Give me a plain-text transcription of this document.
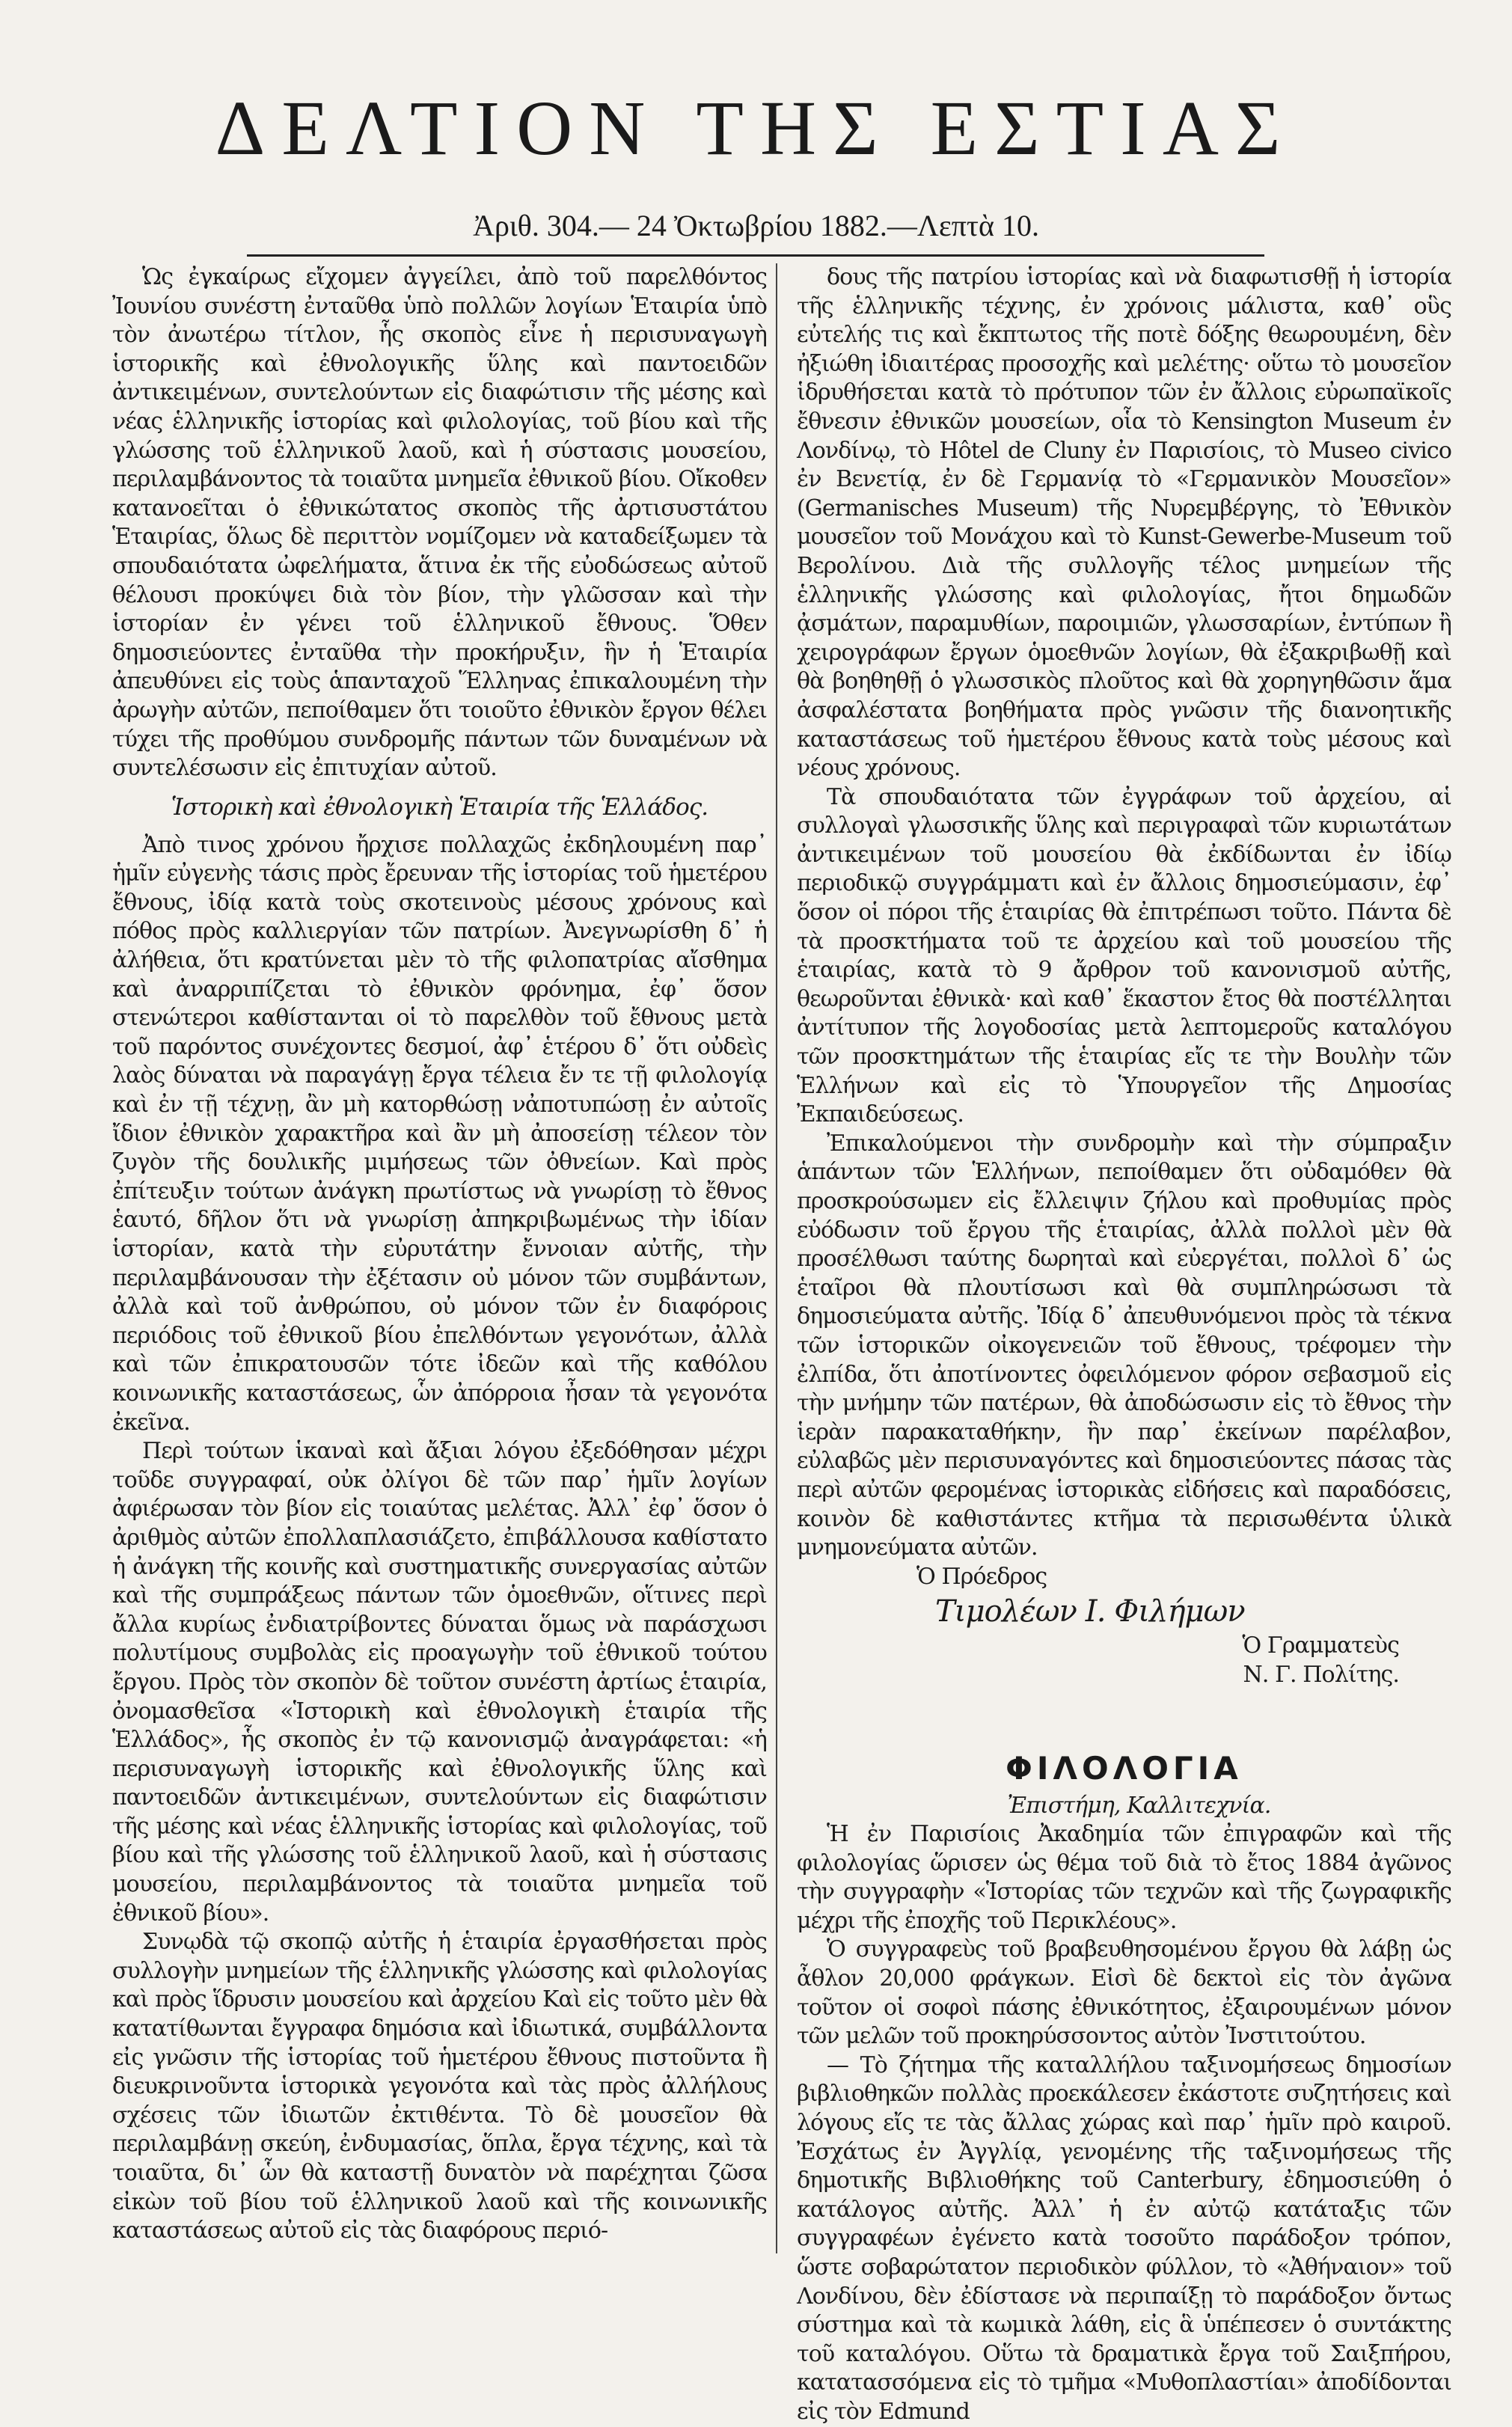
ΔΕΛΤΙΟΝ ΤΗΣ ΕΣΤΙΑΣ
Ἀριθ. 304.— 24 Ὀκτωβρίου 1882.—Λεπτὰ 10.

Ὡς ἐγκαίρως εἴχομεν ἀγγείλει, ἀπὸ τοῦ παρελθόντος Ἰουνίου συνέστη ἐνταῦθα ὑπὸ πολλῶν λογίων Ἑταιρία ὑπὸ τὸν ἀνωτέρω τίτλον, ἧς σκοπὸς εἶνε ἡ περισυναγωγὴ ἱστορικῆς καὶ ἐθνολογικῆς ὕλης καὶ παντοειδῶν ἀντικειμένων, συντελούντων εἰς διαφώτισιν τῆς μέσης καὶ νέας ἑλληνικῆς ἱστορίας καὶ φιλολογίας, τοῦ βίου καὶ τῆς γλώσσης τοῦ ἑλληνικοῦ λαοῦ, καὶ ἡ σύστασις μουσείου, περιλαμβάνοντος τὰ τοιαῦτα μνημεῖα ἐθνικοῦ βίου. Οἴκοθεν κατανοεῖται ὁ ἐθνικώτατος σκοπὸς τῆς ἀρτισυστάτου Ἑταιρίας, ὅλως δὲ περιττὸν νομίζομεν νὰ καταδείξωμεν τὰ σπουδαιότατα ὠφελήματα, ἅτινα ἐκ τῆς εὐοδώσεως αὐτοῦ θέλουσι προκύψει διὰ τὸν βίον, τὴν γλῶσσαν καὶ τὴν ἱστορίαν ἐν γένει τοῦ ἑλληνικοῦ ἔθνους. Ὅθεν δημοσιεύοντες ἐνταῦθα τὴν προκήρυξιν, ἣν ἡ Ἑταιρία ἀπευθύνει εἰς τοὺς ἁπανταχοῦ Ἕλληνας ἐπικαλουμένη τὴν ἀρωγὴν αὐτῶν, πεποίθαμεν ὅτι τοιοῦτο ἐθνικὸν ἔργον θέλει τύχει τῆς προθύμου συνδρομῆς πάντων τῶν δυναμένων νὰ συντελέσωσιν εἰς ἐπιτυχίαν αὐτοῦ.

Ἱστορικὴ καὶ ἐθνολογικὴ Ἑταιρία τῆς Ἑλλάδος.

Ἀπὸ τινος χρόνου ἤρχισε πολλαχῶς ἐκδηλουμένη παρ᾽ ἡμῖν εὐγενὴς τάσις πρὸς ἔρευναν τῆς ἱστορίας τοῦ ἡμετέρου ἔθνους, ἰδίᾳ κατὰ τοὺς σκοτεινοὺς μέσους χρόνους καὶ πόθος πρὸς καλλιεργίαν τῶν πατρίων. Ἀνεγνωρίσθη δ᾽ ἡ ἀλήθεια, ὅτι κρατύνεται μὲν τὸ τῆς φιλοπατρίας αἴσθημα καὶ ἀναρριπίζεται τὸ ἐθνικὸν φρόνημα, ἐφ᾽ ὅσον στενώτεροι καθίστανται οἱ τὸ παρελθὸν τοῦ ἔθνους μετὰ τοῦ παρόντος συνέχοντες δεσμοί, ἀφ᾽ ἑτέρου δ᾽ ὅτι οὐδεὶς λαὸς δύναται νὰ παραγάγῃ ἔργα τέλεια ἔν τε τῇ φιλολογίᾳ καὶ ἐν τῇ τέχνῃ, ἂν μὴ κατορθώσῃ νἀποτυπώσῃ ἐν αὐτοῖς ἴδιον ἐθνικὸν χαρακτῆρα καὶ ἂν μὴ ἀποσείσῃ τέλεον τὸν ζυγὸν τῆς δουλικῆς μιμήσεως τῶν ὀθνείων. Καὶ πρὸς ἐπίτευξιν τούτων ἀνάγκη πρωτίστως νὰ γνωρίσῃ τὸ ἔθνος ἑαυτό, δῆλον ὅτι νὰ γνωρίσῃ ἀπηκριβωμένως τὴν ἰδίαν ἱστορίαν, κατὰ τὴν εὐρυτάτην ἔννοιαν αὐτῆς, τὴν περιλαμβάνουσαν τὴν ἐξέτασιν οὐ μόνον τῶν συμβάντων, ἀλλὰ καὶ τοῦ ἀνθρώπου, οὐ μόνον τῶν ἐν διαφόροις περιόδοις τοῦ ἐθνικοῦ βίου ἐπελθόντων γεγονότων, ἀλλὰ καὶ τῶν ἐπικρατουσῶν τότε ἰδεῶν καὶ τῆς καθόλου κοινωνικῆς καταστάσεως, ὧν ἀπόρροια ἦσαν τὰ γεγονότα ἐκεῖνα.

Περὶ τούτων ἱκαναὶ καὶ ἄξιαι λόγου ἐξεδόθησαν μέχρι τοῦδε συγγραφαί, οὐκ ὀλίγοι δὲ τῶν παρ᾽ ἡμῖν λογίων ἀφιέρωσαν τὸν βίον εἰς τοιαύτας μελέτας. Ἀλλ᾽ ἐφ᾽ ὅσον ὁ ἀριθμὸς αὐτῶν ἐπολλαπλασιάζετο, ἐπιβάλλουσα καθίστατο ἡ ἀνάγκη τῆς κοινῆς καὶ συστηματικῆς συνεργασίας αὐτῶν καὶ τῆς συμπράξεως πάντων τῶν ὁμοεθνῶν, οἵτινες περὶ ἄλλα κυρίως ἐνδιατρίβοντες δύναται ὅμως νὰ παράσχωσι πολυτίμους συμβολὰς εἰς προαγωγὴν τοῦ ἐθνικοῦ τούτου ἔργου. Πρὸς τὸν σκοπὸν δὲ τοῦτον συνέστη ἀρτίως ἑταιρία, ὀνομασθεῖσα «Ἱστορικὴ καὶ ἐθνολογικὴ ἑταιρία τῆς Ἑλλάδος», ἧς σκοπὸς ἐν τῷ κανονισμῷ ἀναγράφεται: «ἡ περισυναγωγὴ ἱστορικῆς καὶ ἐθνολογικῆς ὕλης καὶ παντοειδῶν ἀντικειμένων, συντελούντων εἰς διαφώτισιν τῆς μέσης καὶ νέας ἑλληνικῆς ἱστορίας καὶ φιλολογίας, τοῦ βίου καὶ τῆς γλώσσης τοῦ ἑλληνικοῦ λαοῦ, καὶ ἡ σύστασις μουσείου, περιλαμβάνοντος τὰ τοιαῦτα μνημεῖα τοῦ ἐθνικοῦ βίου».

Συνῳδὰ τῷ σκοπῷ αὐτῆς ἡ ἑταιρία ἐργασθήσεται πρὸς συλλογὴν μνημείων τῆς ἑλληνικῆς γλώσσης καὶ φιλολογίας καὶ πρὸς ἵδρυσιν μουσείου καὶ ἀρχείου Καὶ εἰς τοῦτο μὲν θὰ κατατίθωνται ἔγγραφα δημόσια καὶ ἰδιωτικά, συμβάλλοντα εἰς γνῶσιν τῆς ἱστορίας τοῦ ἡμετέρου ἔθνους πιστοῦντα ἢ διευκρινοῦντα ἱστορικὰ γεγονότα καὶ τὰς πρὸς ἀλλήλους σχέσεις τῶν ἰδιωτῶν ἐκτιθέντα. Τὸ δὲ μουσεῖον θὰ περιλαμβάνῃ σκεύη, ἐνδυμασίας, ὅπλα, ἔργα τέχνης, καὶ τὰ τοιαῦτα, δι᾽ ὧν θὰ καταστῇ δυνατὸν νὰ παρέχηται ζῶσα εἰκὼν τοῦ βίου τοῦ ἑλληνικοῦ λαοῦ καὶ τῆς κοινωνικῆς καταστάσεως αὐτοῦ εἰς τὰς διαφόρους περιό-

δους τῆς πατρίου ἱστορίας καὶ νὰ διαφωτισθῇ ἡ ἱστορία τῆς ἑλληνικῆς τέχνης, ἐν χρόνοις μάλιστα, καθ᾽ οὓς εὐτελής τις καὶ ἔκπτωτος τῆς ποτὲ δόξης θεωρουμένη, δὲν ἠξιώθη ἰδιαιτέρας προσοχῆς καὶ μελέτης· οὕτω τὸ μουσεῖον ἱδρυθήσεται κατὰ τὸ πρότυπον τῶν ἐν ἄλλοις εὐρωπαϊκοῖς ἔθνεσιν ἐθνικῶν μουσείων, οἷα τὸ Kensington Museum ἐν Λονδίνῳ, τὸ Hôtel de Cluny ἐν Παρισίοις, τὸ Museo civico ἐν Βενετίᾳ, ἐν δὲ Γερμανίᾳ τὸ «Γερμανικὸν Μουσεῖον» (Germanisches Museum) τῆς Νυρεμβέργης, τὸ Ἐθνικὸν μουσεῖον τοῦ Μονάχου καὶ τὸ Kunst-Gewerbe-Museum τοῦ Βερολίνου. Διὰ τῆς συλλογῆς τέλος μνημείων τῆς ἑλληνικῆς γλώσσης καὶ φιλολογίας, ἤτοι δημωδῶν ᾀσμάτων, παραμυθίων, παροιμιῶν, γλωσσαρίων, ἐντύπων ἢ χειρογράφων ἔργων ὁμοεθνῶν λογίων, θὰ ἐξακριβωθῇ καὶ θὰ βοηθηθῇ ὁ γλωσσικὸς πλοῦτος καὶ θὰ χορηγηθῶσιν ἅμα ἀσφαλέστατα βοηθήματα πρὸς γνῶσιν τῆς διανοητικῆς καταστάσεως τοῦ ἡμετέρου ἔθνους κατὰ τοὺς μέσους καὶ νέους χρόνους.

Τὰ σπουδαιότατα τῶν ἐγγράφων τοῦ ἀρχείου, αἱ συλλογαὶ γλωσσικῆς ὕλης καὶ περιγραφαὶ τῶν κυριωτάτων ἀντικειμένων τοῦ μουσείου θὰ ἐκδίδωνται ἐν ἰδίῳ περιοδικῷ συγγράμματι καὶ ἐν ἄλλοις δημοσιεύμασιν, ἐφ᾽ ὅσον οἱ πόροι τῆς ἑταιρίας θὰ ἐπιτρέπωσι τοῦτο. Πάντα δὲ τὰ προσκτήματα τοῦ τε ἀρχείου καὶ τοῦ μουσείου τῆς ἑταιρίας, κατὰ τὸ 9 ἄρθρον τοῦ κανονισμοῦ αὐτῆς, θεωροῦνται ἐθνικὰ· καὶ καθ᾽ ἕκαστον ἔτος θὰ ποστέλληται ἀντίτυπον τῆς λογοδοσίας μετὰ λεπτομεροῦς καταλόγου τῶν προσκτημάτων τῆς ἑταιρίας εἴς τε τὴν Βουλὴν τῶν Ἑλλήνων καὶ εἰς τὸ Ὑπουργεῖον τῆς Δημοσίας Ἐκπαιδεύσεως.

Ἐπικαλούμενοι τὴν συνδρομὴν καὶ τὴν σύμπραξιν ἁπάντων τῶν Ἑλλήνων, πεποίθαμεν ὅτι οὐδαμόθεν θὰ προσκρούσωμεν εἰς ἔλλειψιν ζήλου καὶ προθυμίας πρὸς εὐόδωσιν τοῦ ἔργου τῆς ἑταιρίας, ἀλλὰ πολλοὶ μὲν θὰ προσέλθωσι ταύτης δωρηταὶ καὶ εὐεργέται, πολλοὶ δ᾽ ὡς ἑταῖροι θὰ πλουτίσωσι καὶ θὰ συμπληρώσωσι τὰ δημοσιεύματα αὐτῆς. Ἰδίᾳ δ᾽ ἀπευθυνόμενοι πρὸς τὰ τέκνα τῶν ἱστορικῶν οἰκογενειῶν τοῦ ἔθνους, τρέφομεν τὴν ἐλπίδα, ὅτι ἀποτίνοντες ὀφειλόμενον φόρον σεβασμοῦ εἰς τὴν μνήμην τῶν πατέρων, θὰ ἀποδώσωσιν εἰς τὸ ἔθνος τὴν ἱερὰν παρακαταθήκην, ἣν παρ᾽ ἐκείνων παρέλαβον, εὐλαβῶς μὲν περισυναγόντες καὶ δημοσιεύοντες πάσας τὰς περὶ αὐτῶν φερομένας ἱστορικὰς εἰδήσεις καὶ παραδόσεις, κοινὸν δὲ καθιστάντες κτῆμα τὰ περισωθέντα ὑλικὰ μνημονεύματα αὐτῶν.

Ὁ Πρόεδρος

Τιμολέων Ι. Φιλήμων

Ὁ Γραμματεὺς

Ν. Γ. Πολίτης.

ΦΙΛΟΛΟΓΙΑ

Ἐπιστήμη, Καλλιτεχνία.

Ἡ ἐν Παρισίοις Ἀκαδημία τῶν ἐπιγραφῶν καὶ τῆς φιλολογίας ὥρισεν ὡς θέμα τοῦ διὰ τὸ ἔτος 1884 ἀγῶνος τὴν συγγραφὴν «Ἱστορίας τῶν τεχνῶν καὶ τῆς ζωγραφικῆς μέχρι τῆς ἐποχῆς τοῦ Περικλέους».

Ὁ συγγραφεὺς τοῦ βραβευθησομένου ἔργου θὰ λάβῃ ὡς ἆθλον 20,000 φράγκων. Εἰσὶ δὲ δεκτοὶ εἰς τὸν ἀγῶνα τοῦτον οἱ σοφοὶ πάσης ἐθνικότητος, ἐξαιρουμένων μόνον τῶν μελῶν τοῦ προκηρύσσοντος αὐτὸν Ἰνστιτούτου.

— Τὸ ζήτημα τῆς καταλλήλου ταξινομήσεως δημοσίων βιβλιοθηκῶν πολλὰς προεκάλεσεν ἐκάστοτε συζητήσεις καὶ λόγους εἴς τε τὰς ἄλλας χώρας καὶ παρ᾽ ἡμῖν πρὸ καιροῦ. Ἐσχάτως ἐν Ἀγγλίᾳ, γενομένης τῆς ταξινομήσεως τῆς δημοτικῆς Βιβλιοθήκης τοῦ Canterbury, ἐδημοσιεύθη ὁ κατάλογος αὐτῆς. Ἀλλ᾽ ἡ ἐν αὐτῷ κατάταξις τῶν συγγραφέων ἐγένετο κατὰ τοσοῦτο παράδοξον τρόπον, ὥστε σοβαρώτατον περιοδικὸν φύλλον, τὸ «Ἀθήναιον» τοῦ Λονδίνου, δὲν ἐδίστασε νὰ περιπαίξῃ τὸ παράδοξον ὄντως σύστημα καὶ τὰ κωμικὰ λάθη, εἰς ἃ ὑπέπεσεν ὁ συντάκτης τοῦ καταλόγου. Οὕτω τὰ δραματικὰ ἔργα τοῦ Σαιξπήρου, κατατασσόμενα εἰς τὸ τμῆμα «Μυθοπλαστίαι» ἀποδίδονται εἰς τὸν Edmund
